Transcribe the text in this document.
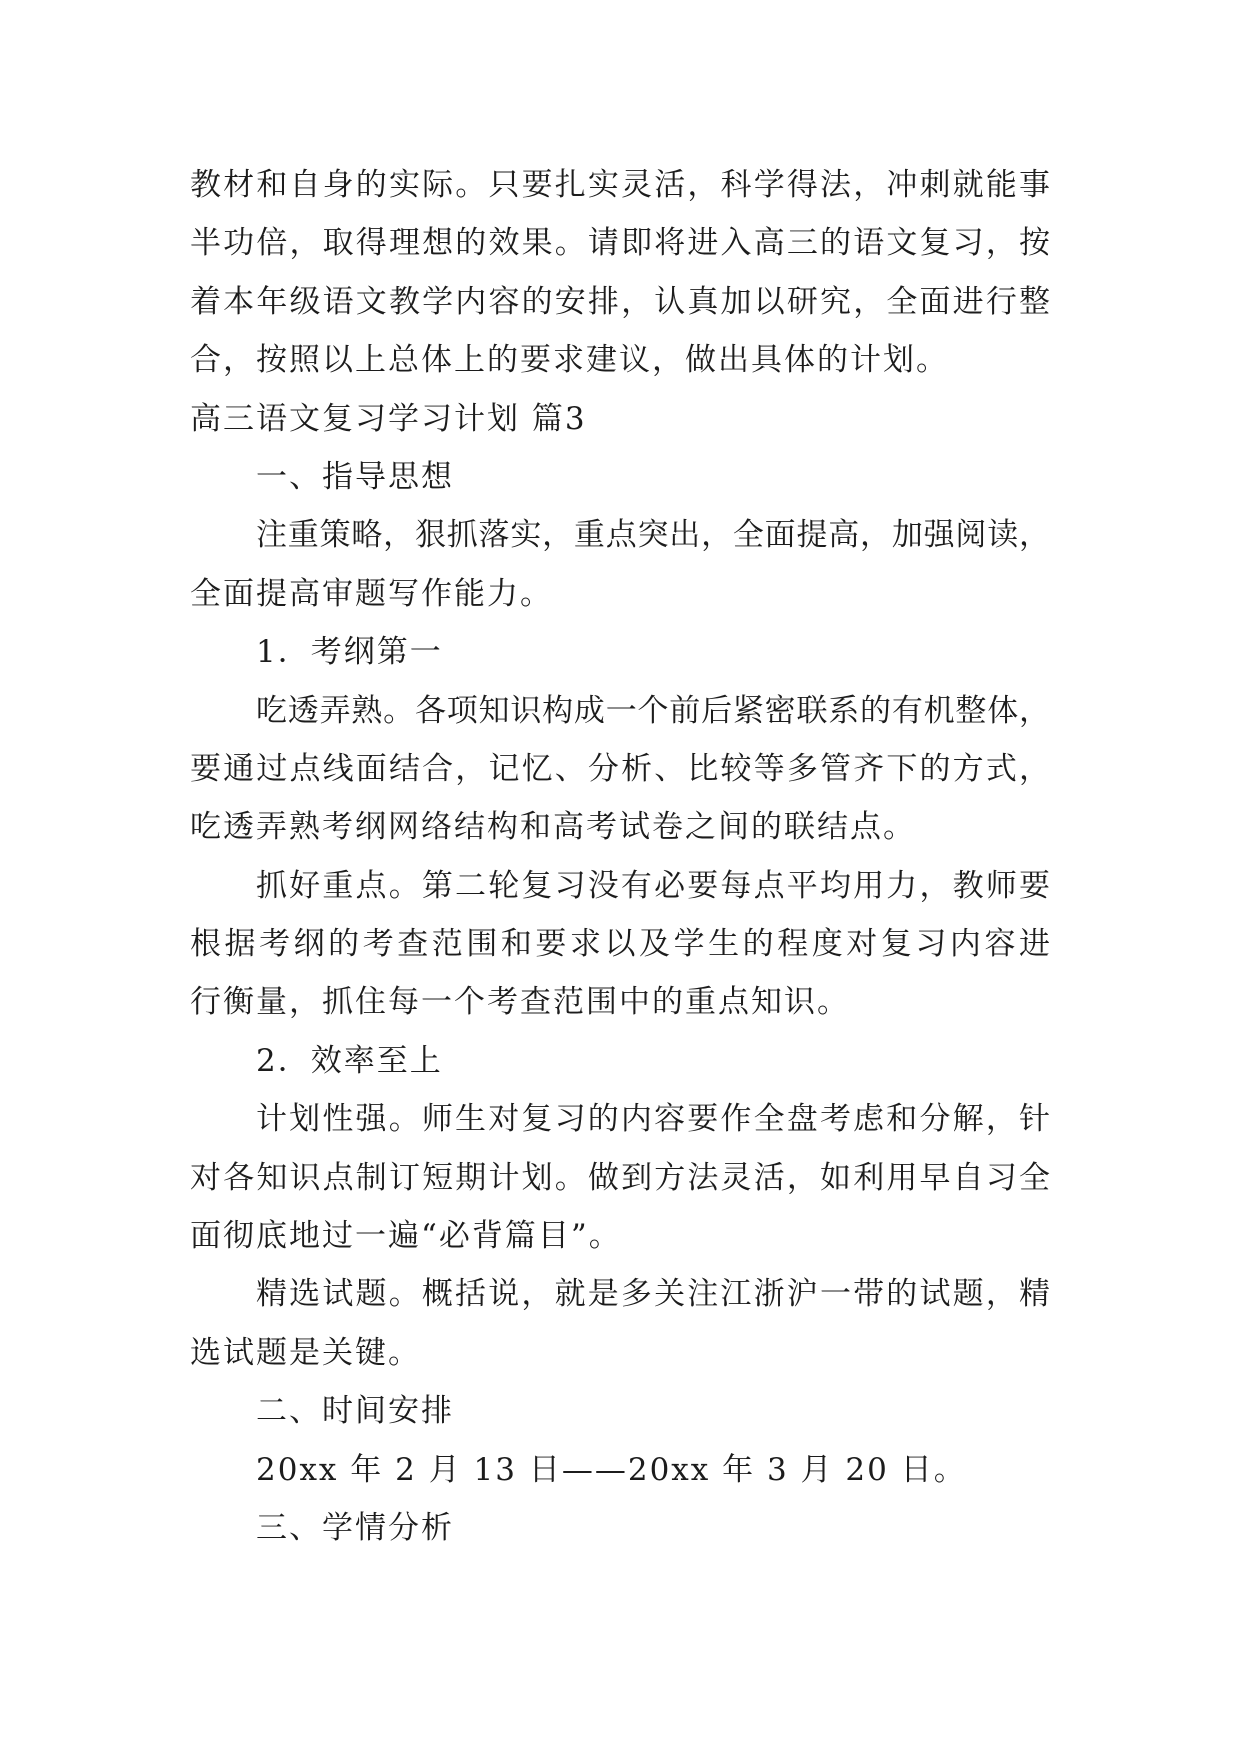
教材和自身的实际。只要扎实灵活，科学得法，冲刺就能事
半功倍，取得理想的效果。请即将进入高三的语文复习，按
着本年级语文教学内容的安排，认真加以研究，全面进行整
合，按照以上总体上的要求建议，做出具体的计划。
高三语文复习学习计划 篇3
一、指导思想
注重策略，狠抓落实，重点突出，全面提高，加强阅读，
全面提高审题写作能力。
1．考纲第一
吃透弄熟。各项知识构成一个前后紧密联系的有机整体，
要通过点线面结合，记忆、分析、比较等多管齐下的方式，
吃透弄熟考纲网络结构和高考试卷之间的联结点。
抓好重点。第二轮复习没有必要每点平均用力，教师要
根据考纲的考查范围和要求以及学生的程度对复习内容进
行衡量，抓住每一个考查范围中的重点知识。
2．效率至上
计划性强。师生对复习的内容要作全盘考虑和分解，针
对各知识点制订短期计划。做到方法灵活，如利用早自习全
面彻底地过一遍“必背篇目”。
精选试题。概括说，就是多关注江浙沪一带的试题，精
选试题是关键。
二、时间安排
20xx 年 2 月 13 日——20xx 年 3 月 20 日。
三、学情分析
